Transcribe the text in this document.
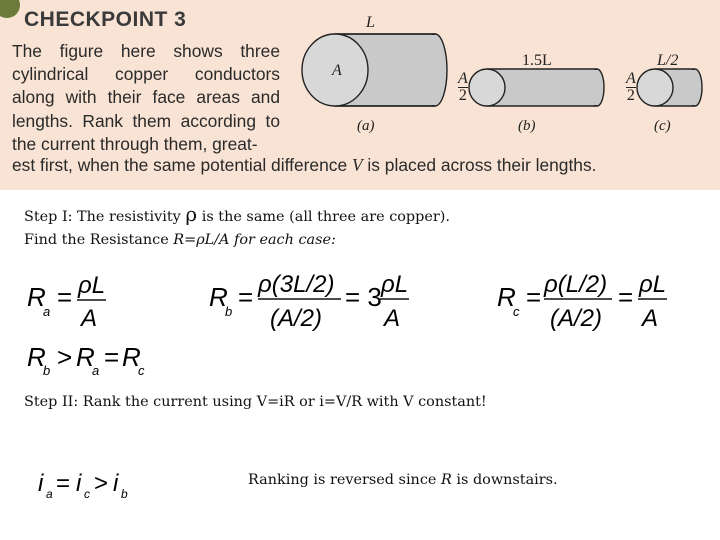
CHECKPOINT 3
The figure here shows three cylindrical copper conductors along with their face areas and lengths. Rank them according to the current through them, great-
est first, when the same potential difference V is placed across their lengths.
L
A
(a)
1.5L
A
2
(b)
L/2
A
2
(c)
Step I: The resistivity ρ is the same (all three are copper).
Find the Resistance R=ρL/A for each case:
R
a = ρL
A
R
b = ρ(3L/2)
(A/2)
= 3 ρL
A
R
c = ρ(L/2)
(A/2)
= ρL
A
R
b > R
a = R
c
Step II: Rank the current using V=iR or i=V/R with V constant!
i a = i c > i b
Ranking is reversed since R is downstairs.
